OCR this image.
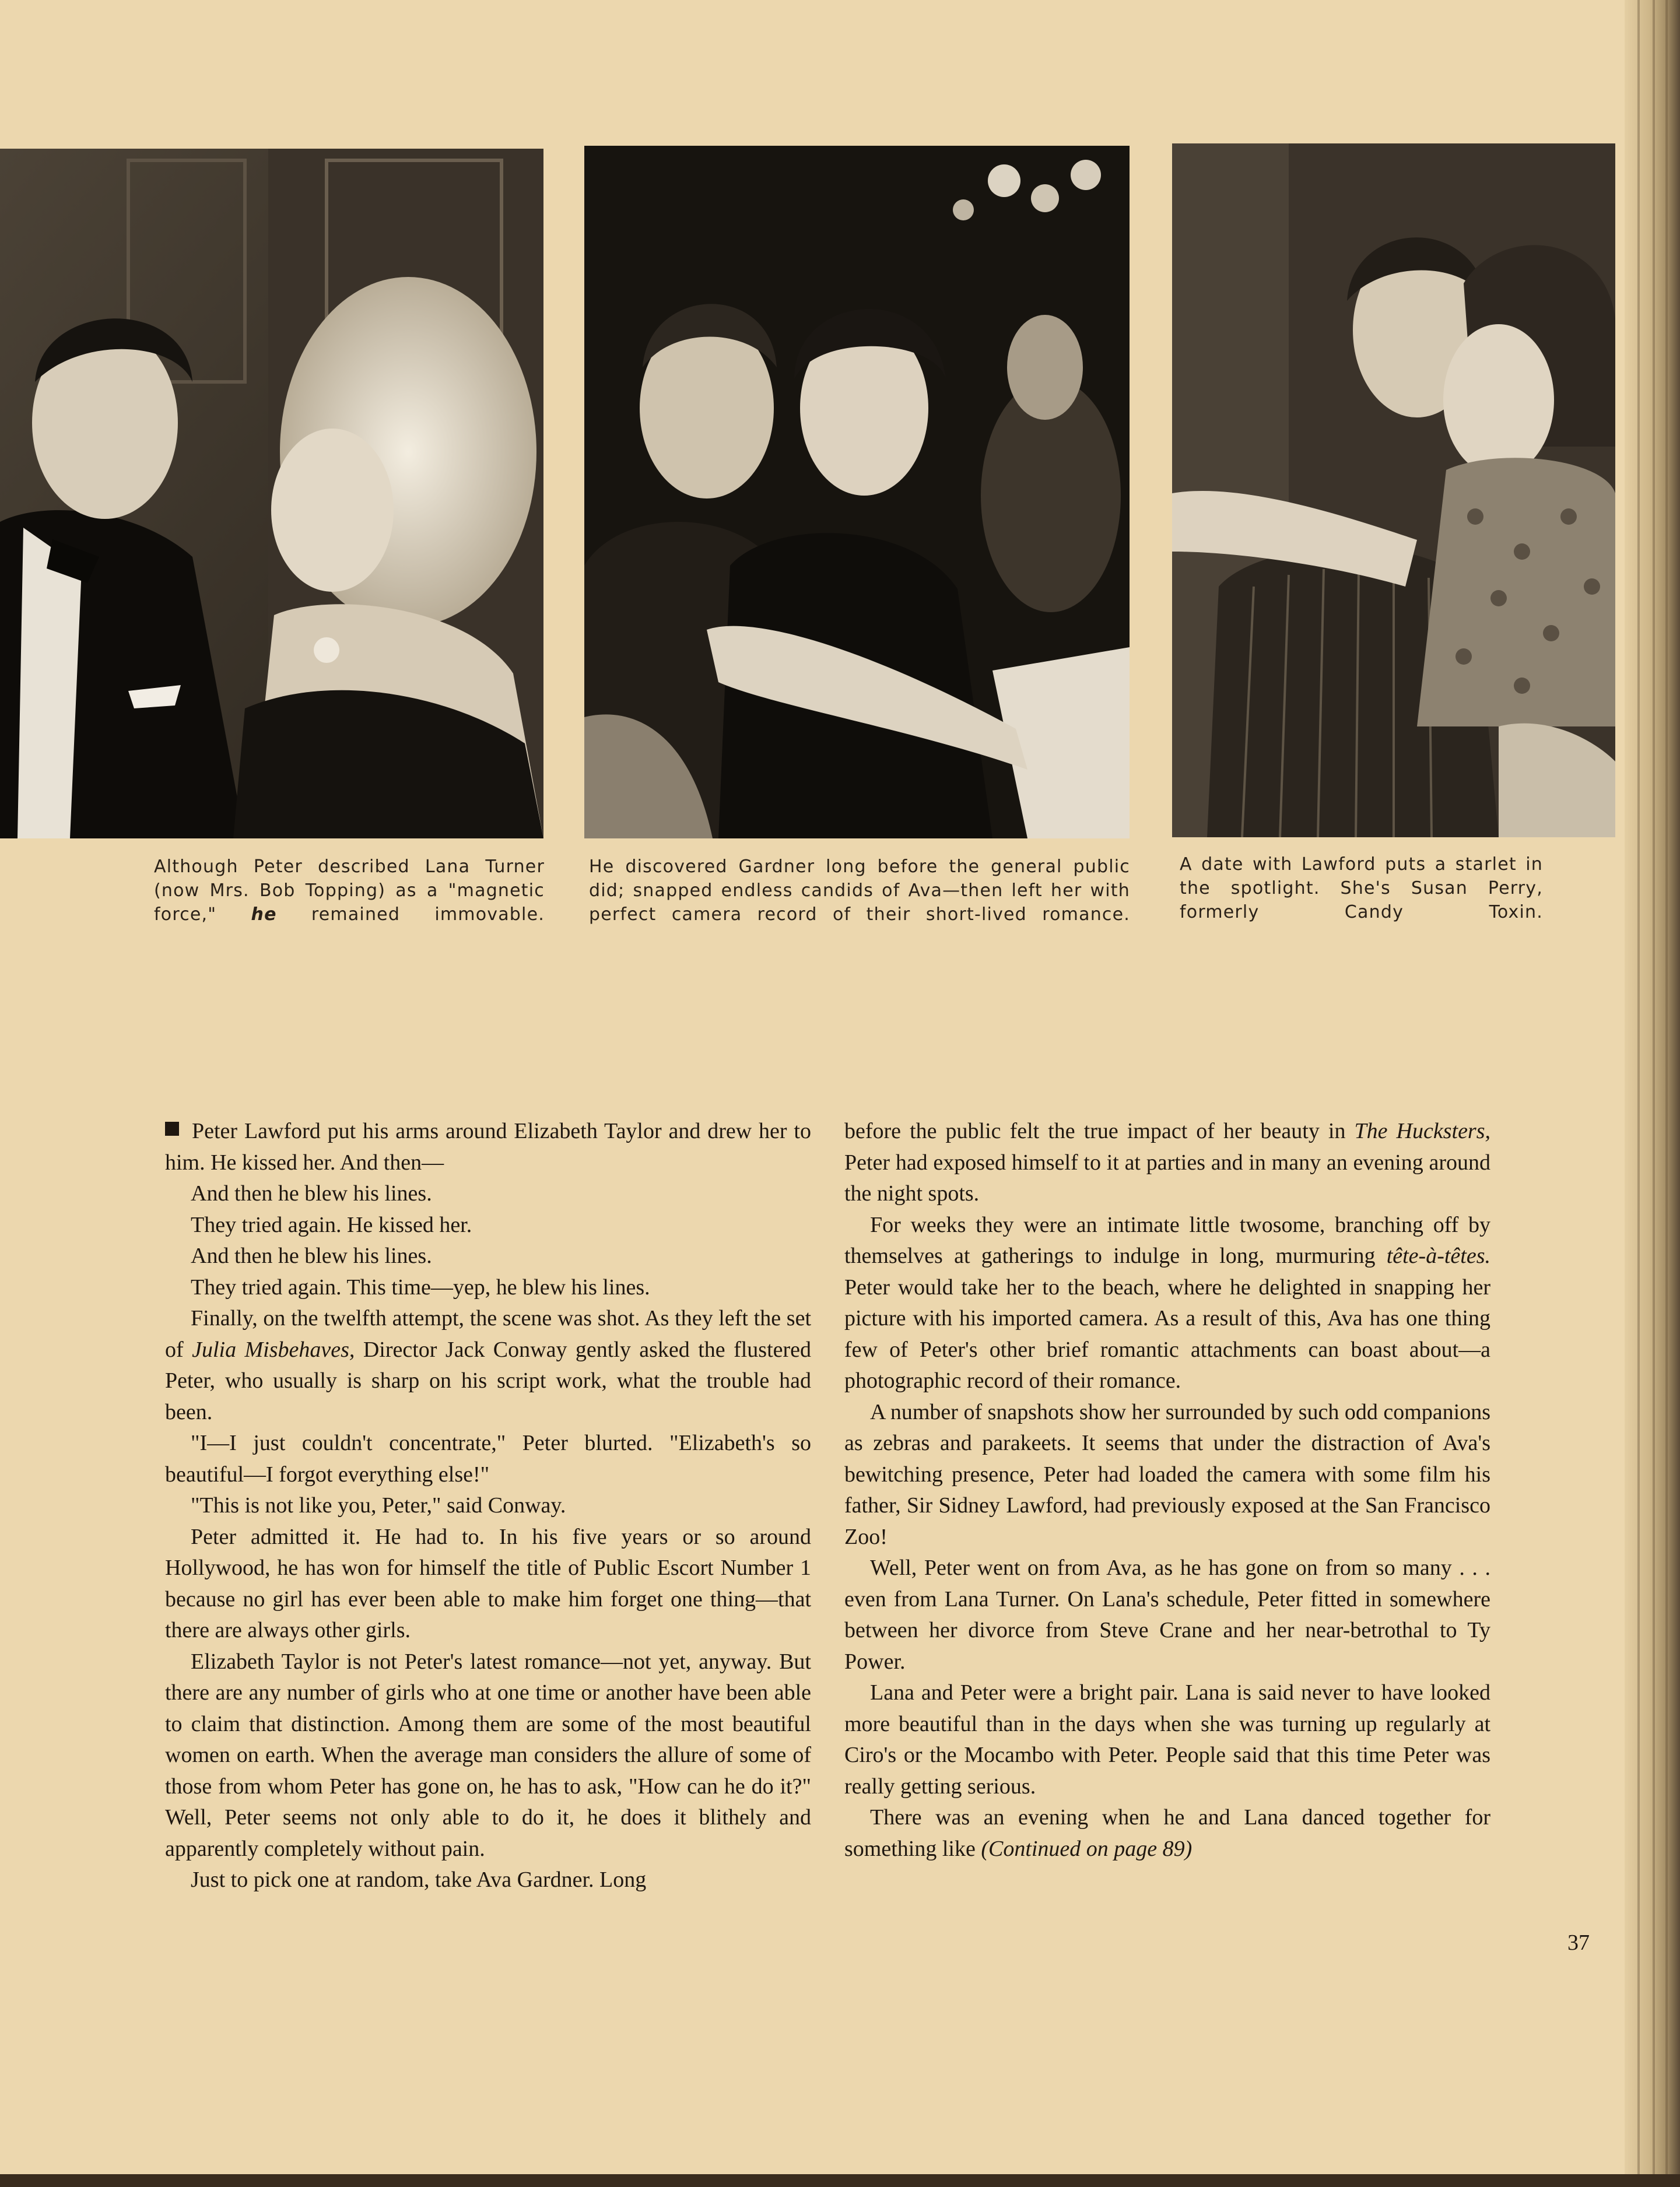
Although Peter described Lana Turner (now Mrs. Bob Topping) as a "magnetic force," he remained immovable.

He discovered Gardner long before the general public did; snapped endless candids of Ava—then left her with perfect camera record of their short-lived romance.

A date with Lawford puts a starlet in the spotlight. She's Susan Perry, formerly Candy Toxin.

Peter Lawford put his arms around Elizabeth Taylor and drew her to him. He kissed her. And then—

And then he blew his lines.

They tried again. He kissed her.

And then he blew his lines.

They tried again. This time—yep, he blew his lines.

Finally, on the twelfth attempt, the scene was shot. As they left the set of Julia Misbehaves, Director Jack Conway gently asked the flustered Peter, who usually is sharp on his script work, what the trouble had been.

"I—I just couldn't concentrate," Peter blurted. "Elizabeth's so beautiful—I forgot everything else!"

"This is not like you, Peter," said Conway.

Peter admitted it. He had to. In his five years or so around Hollywood, he has won for himself the title of Public Escort Number 1 because no girl has ever been able to make him forget one thing—that there are always other girls.

Elizabeth Taylor is not Peter's latest romance—not yet, anyway. But there are any number of girls who at one time or another have been able to claim that distinction. Among them are some of the most beautiful women on earth. When the average man considers the allure of some of those from whom Peter has gone on, he has to ask, "How can he do it?" Well, Peter seems not only able to do it, he does it blithely and apparently completely without pain.

Just to pick one at random, take Ava Gardner. Long

before the public felt the true impact of her beauty in The Hucksters, Peter had exposed himself to it at parties and in many an evening around the night spots.

For weeks they were an intimate little twosome, branching off by themselves at gatherings to indulge in long, murmuring tête-à-têtes. Peter would take her to the beach, where he delighted in snapping her picture with his imported camera. As a result of this, Ava has one thing few of Peter's other brief romantic attachments can boast about—a photographic record of their romance.

A number of snapshots show her surrounded by such odd companions as zebras and parakeets. It seems that under the distraction of Ava's bewitching presence, Peter had loaded the camera with some film his father, Sir Sidney Lawford, had previously exposed at the San Francisco Zoo!

Well, Peter went on from Ava, as he has gone on from so many . . . even from Lana Turner. On Lana's schedule, Peter fitted in somewhere between her divorce from Steve Crane and her near-betrothal to Ty Power.

Lana and Peter were a bright pair. Lana is said never to have looked more beautiful than in the days when she was turning up regularly at Ciro's or the Mocambo with Peter. People said that this time Peter was really getting serious.

There was an evening when he and Lana danced together for something like (Continued on page 89)

37
